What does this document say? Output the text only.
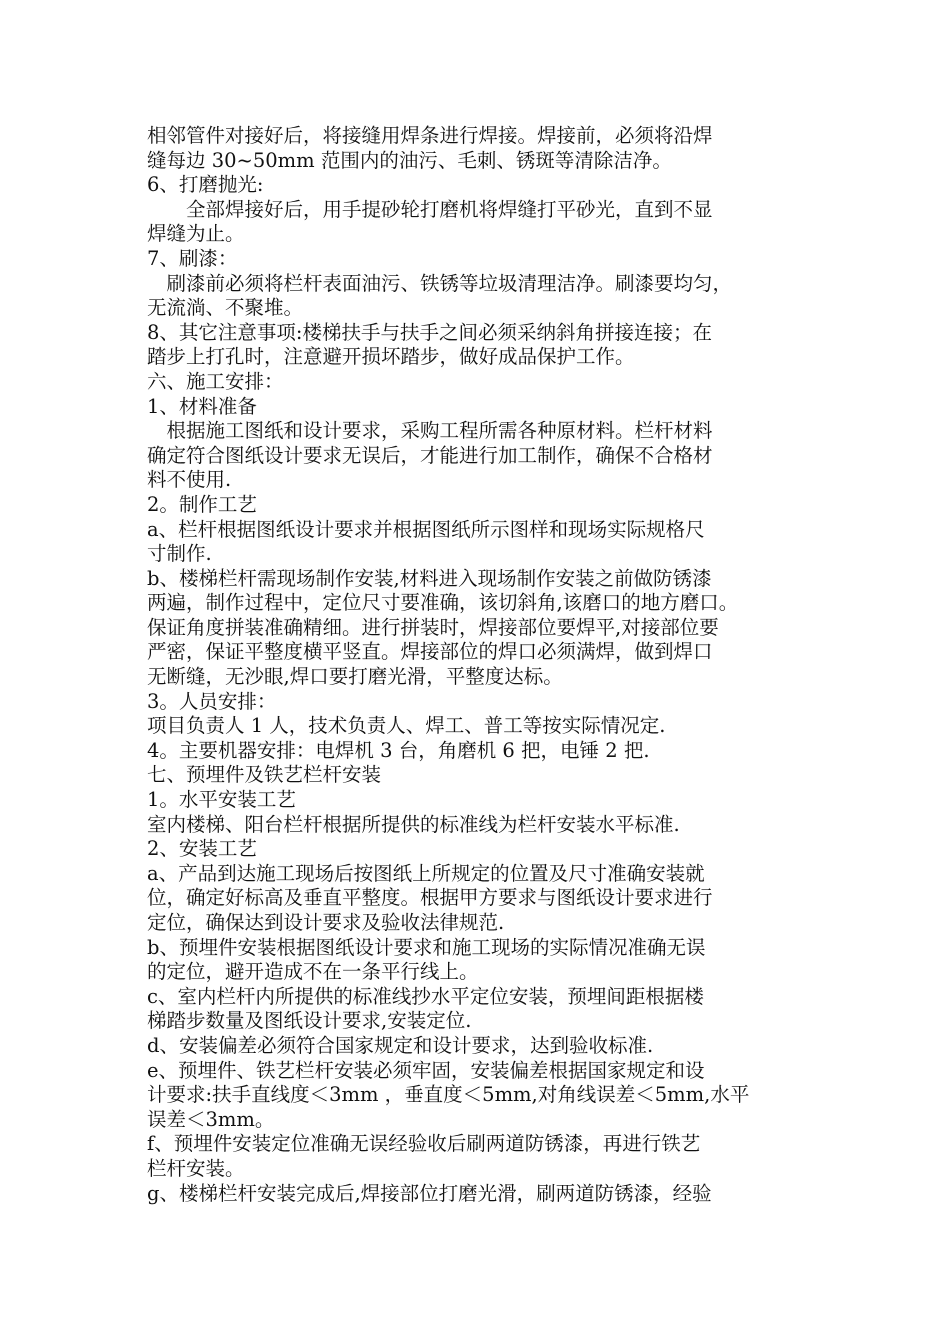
相邻管件对接好后，将接缝用焊条进行焊接。焊接前，必须将沿焊

缝每边 30~50mm 范围内的油污、毛刺、锈斑等清除洁净。

6、打磨抛光:

　　全部焊接好后，用手提砂轮打磨机将焊缝打平砂光，直到不显

焊缝为止。

7、刷漆：

　刷漆前必须将栏杆表面油污、铁锈等垃圾清理洁净。刷漆要均匀，

无流淌、不聚堆。

8、其它注意事项:楼梯扶手与扶手之间必须采纳斜角拼接连接；在

踏步上打孔时，注意避开损坏踏步，做好成品保护工作。

六、施工安排：

1、材料准备

　根据施工图纸和设计要求，采购工程所需各种原材料。栏杆材料

确定符合图纸设计要求无误后，才能进行加工制作，确保不合格材

料不使用.

2。制作工艺

a、栏杆根据图纸设计要求并根据图纸所示图样和现场实际规格尺

寸制作.

b、楼梯栏杆需现场制作安装,材料进入现场制作安装之前做防锈漆

两遍，制作过程中，定位尺寸要准确，该切斜角,该磨口的地方磨口。

保证角度拼装准确精细。进行拼装时，焊接部位要焊平,对接部位要

严密，保证平整度横平竖直。焊接部位的焊口必须满焊，做到焊口

无断缝，无沙眼,焊口要打磨光滑，平整度达标。

3。人员安排：

项目负责人 1 人，技术负责人、焊工、普工等按实际情况定.

4。主要机器安排：电焊机 3 台，角磨机 6 把，电锤 2 把.

七、预埋件及铁艺栏杆安装

1。水平安装工艺

室内楼梯、阳台栏杆根据所提供的标准线为栏杆安装水平标准.

2、安装工艺

a、产品到达施工现场后按图纸上所规定的位置及尺寸准确安装就

位，确定好标高及垂直平整度。根据甲方要求与图纸设计要求进行

定位，确保达到设计要求及验收法律规范.

b、预埋件安装根据图纸设计要求和施工现场的实际情况准确无误

的定位，避开造成不在一条平行线上。

c、室内栏杆内所提供的标准线抄水平定位安装，预埋间距根据楼

梯踏步数量及图纸设计要求,安装定位.

d、安装偏差必须符合国家规定和设计要求，达到验收标准.

e、预埋件、铁艺栏杆安装必须牢固，安装偏差根据国家规定和设

计要求:扶手直线度＜3mm ，垂直度＜5mm,对角线误差＜5mm,水平

误差＜3mm。

f、预埋件安装定位准确无误经验收后刷两道防锈漆，再进行铁艺

栏杆安装。

g、楼梯栏杆安装完成后,焊接部位打磨光滑，刷两道防锈漆，经验
